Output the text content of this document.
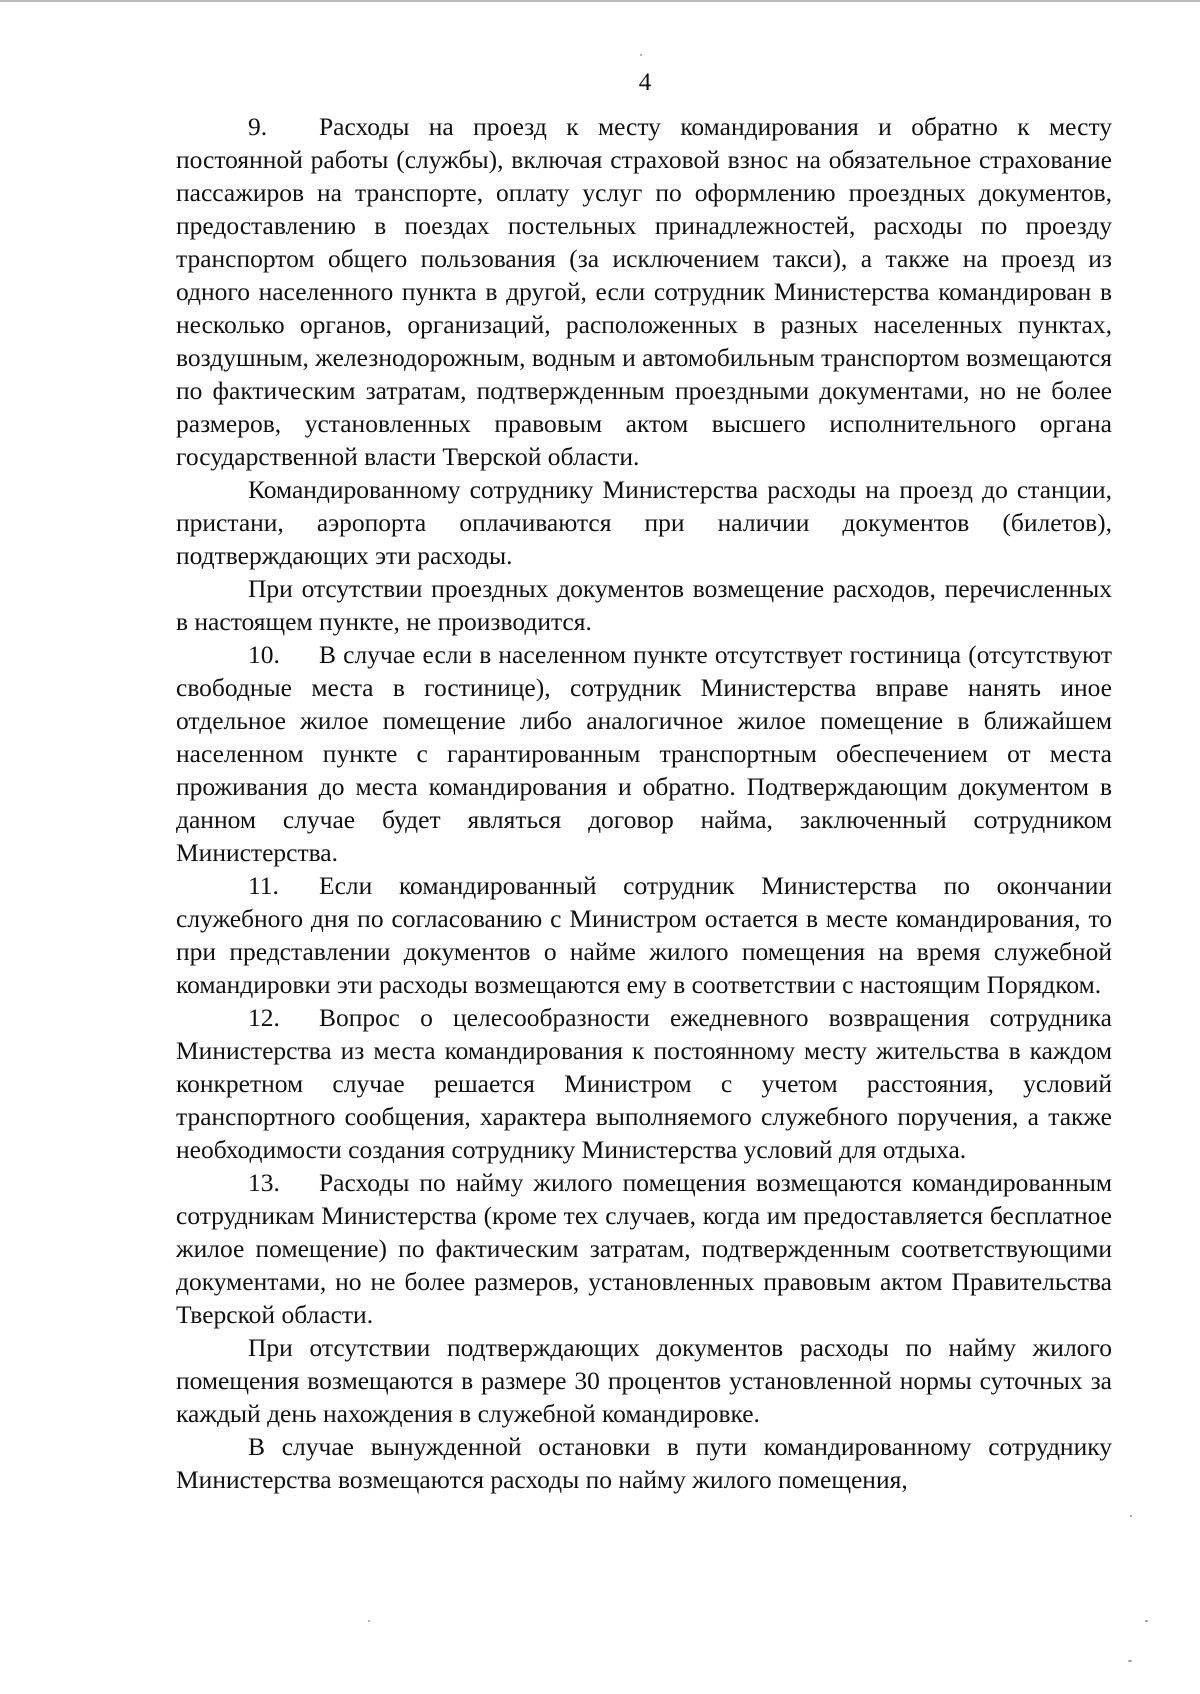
4

9. Расходы на проезд к месту командирования и обратно к месту постоянной работы (службы), включая страховой взнос на обязательное страхование пассажиров на транспорте, оплату услуг по оформлению проездных документов, предоставлению в поездах постельных принадлежностей, расходы по проезду транспортом общего пользования (за исключением такси), а также на проезд из одного населенного пункта в другой, если сотрудник Министерства командирован в несколько органов, организаций, расположенных в разных населенных пунктах, воздушным, железнодорожным, водным и автомобильным транспортом возмещаются по фактическим затратам, подтвержденным проездными документами, но не более размеров, установленных правовым актом высшего исполнительного органа государственной власти Тверской области.

Командированному сотруднику Министерства расходы на проезд до станции, пристани, аэропорта оплачиваются при наличии документов (билетов), подтверждающих эти расходы.

При отсутствии проездных документов возмещение расходов, перечисленных в настоящем пункте, не производится.

10. В случае если в населенном пункте отсутствует гостиница (отсутствуют свободные места в гостинице), сотрудник Министерства вправе нанять иное отдельное жилое помещение либо аналогичное жилое помещение в ближайшем населенном пункте с гарантированным транспортным обеспечением от места проживания до места командирования и обратно. Подтверждающим документом в данном случае будет являться договор найма, заключенный сотрудником Министерства.

11. Если командированный сотрудник Министерства по окончании служебного дня по согласованию с Министром остается в месте командирования, то при представлении документов о найме жилого помещения на время служебной командировки эти расходы возмещаются ему в соответствии с настоящим Порядком.

12. Вопрос о целесообразности ежедневного возвращения сотрудника Министерства из места командирования к постоянному месту жительства в каждом конкретном случае решается Министром с учетом расстояния, условий транспортного сообщения, характера выполняемого служебного поручения, а также необходимости создания сотруднику Министерства условий для отдыха.

13. Расходы по найму жилого помещения возмещаются командированным сотрудникам Министерства (кроме тех случаев, когда им предоставляется бесплатное жилое помещение) по фактическим затратам, подтвержденным соответствующими документами, но не более размеров, установленных правовым актом Правительства Тверской области.

При отсутствии подтверждающих документов расходы по найму жилого помещения возмещаются в размере 30 процентов установленной нормы суточных за каждый день нахождения в служебной командировке.

В случае вынужденной остановки в пути командированному сотруднику Министерства возмещаются расходы по найму жилого помещения,
